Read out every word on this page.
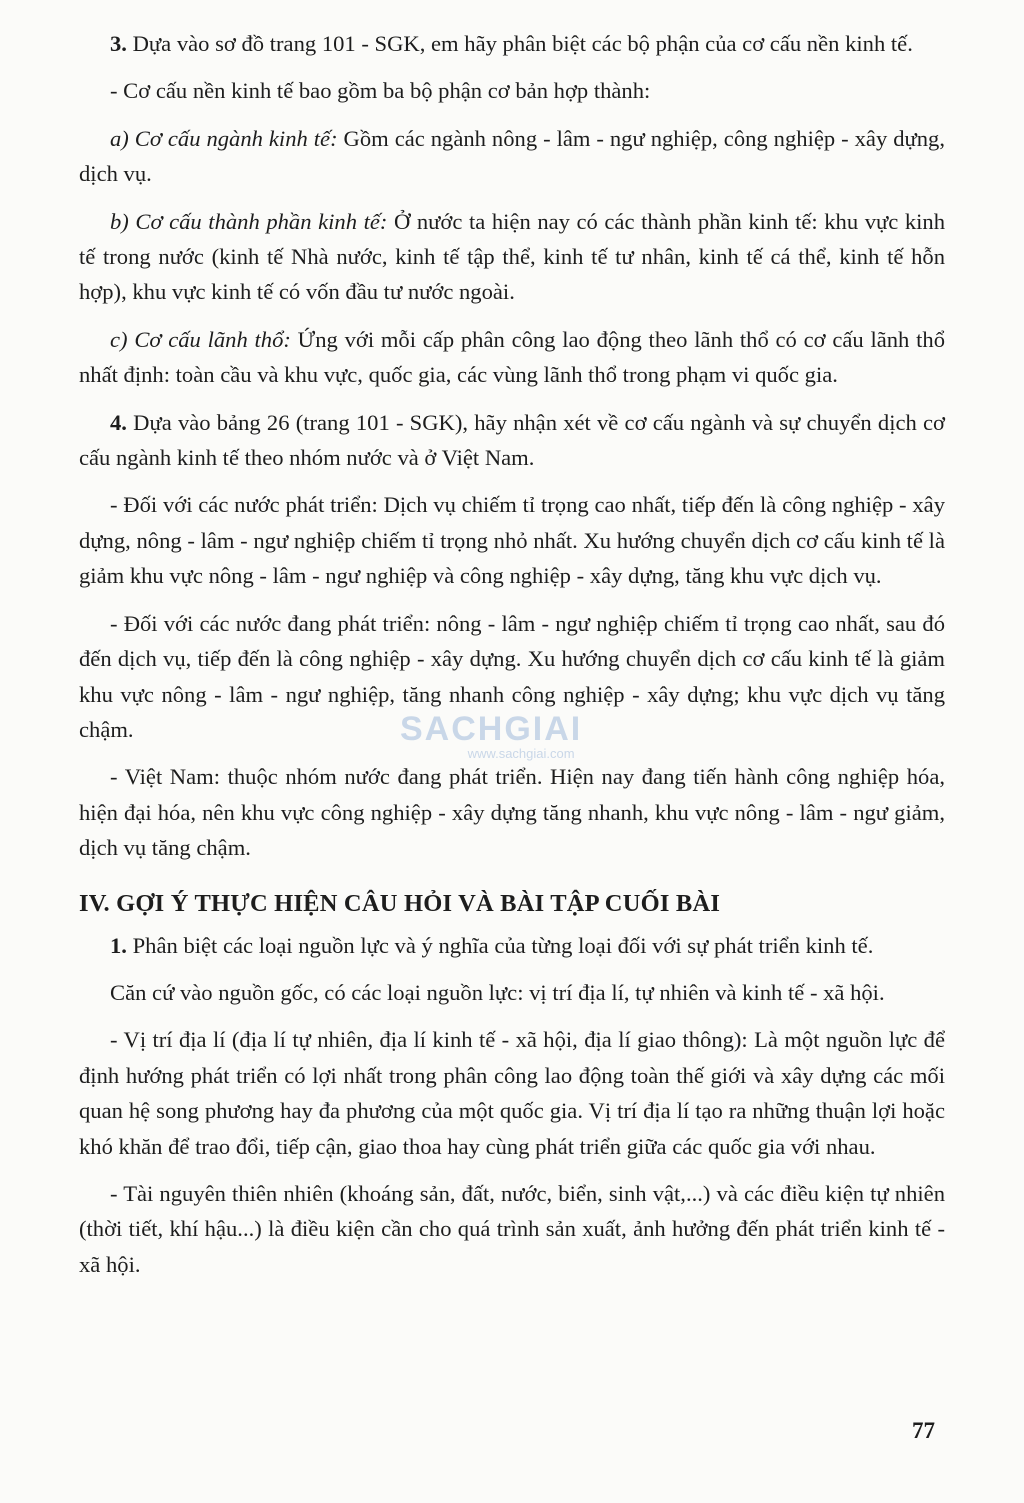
3. Dựa vào sơ đồ trang 101 - SGK, em hãy phân biệt các bộ phận của cơ cấu nền kinh tế.

- Cơ cấu nền kinh tế bao gồm ba bộ phận cơ bản hợp thành:

a) Cơ cấu ngành kinh tế: Gồm các ngành nông - lâm - ngư nghiệp, công nghiệp - xây dựng, dịch vụ.

b) Cơ cấu thành phần kinh tế: Ở nước ta hiện nay có các thành phần kinh tế: khu vực kinh tế trong nước (kinh tế Nhà nước, kinh tế tập thể, kinh tế tư nhân, kinh tế cá thể, kinh tế hỗn hợp), khu vực kinh tế có vốn đầu tư nước ngoài.

c) Cơ cấu lãnh thổ: Ứng với mỗi cấp phân công lao động theo lãnh thổ có cơ cấu lãnh thổ nhất định: toàn cầu và khu vực, quốc gia, các vùng lãnh thổ trong phạm vi quốc gia.

4. Dựa vào bảng 26 (trang 101 - SGK), hãy nhận xét về cơ cấu ngành và sự chuyển dịch cơ cấu ngành kinh tế theo nhóm nước và ở Việt Nam.

- Đối với các nước phát triển: Dịch vụ chiếm tỉ trọng cao nhất, tiếp đến là công nghiệp - xây dựng, nông - lâm - ngư nghiệp chiếm tỉ trọng nhỏ nhất. Xu hướng chuyển dịch cơ cấu kinh tế là giảm khu vực nông - lâm - ngư nghiệp và công nghiệp - xây dựng, tăng khu vực dịch vụ.

- Đối với các nước đang phát triển: nông - lâm - ngư nghiệp chiếm tỉ trọng cao nhất, sau đó đến dịch vụ, tiếp đến là công nghiệp - xây dựng. Xu hướng chuyển dịch cơ cấu kinh tế là giảm khu vực nông - lâm - ngư nghiệp, tăng nhanh công nghiệp - xây dựng; khu vực dịch vụ tăng chậm.

- Việt Nam: thuộc nhóm nước đang phát triển. Hiện nay đang tiến hành công nghiệp hóa, hiện đại hóa, nên khu vực công nghiệp - xây dựng tăng nhanh, khu vực nông - lâm - ngư giảm, dịch vụ tăng chậm.

IV. GỢI Ý THỰC HIỆN CÂU HỎI VÀ BÀI TẬP CUỐI BÀI

1. Phân biệt các loại nguồn lực và ý nghĩa của từng loại đối với sự phát triển kinh tế.

Căn cứ vào nguồn gốc, có các loại nguồn lực: vị trí địa lí, tự nhiên và kinh tế - xã hội.

- Vị trí địa lí (địa lí tự nhiên, địa lí kinh tế - xã hội, địa lí giao thông): Là một nguồn lực để định hướng phát triển có lợi nhất trong phân công lao động toàn thế giới và xây dựng các mối quan hệ song phương hay đa phương của một quốc gia. Vị trí địa lí tạo ra những thuận lợi hoặc khó khăn để trao đổi, tiếp cận, giao thoa hay cùng phát triển giữa các quốc gia với nhau.

- Tài nguyên thiên nhiên (khoáng sản, đất, nước, biển, sinh vật,...) và các điều kiện tự nhiên (thời tiết, khí hậu...) là điều kiện cần cho quá trình sản xuất, ảnh hưởng đến phát triển kinh tế - xã hội.

SACHGIAI
www.sachgiai.com
77
